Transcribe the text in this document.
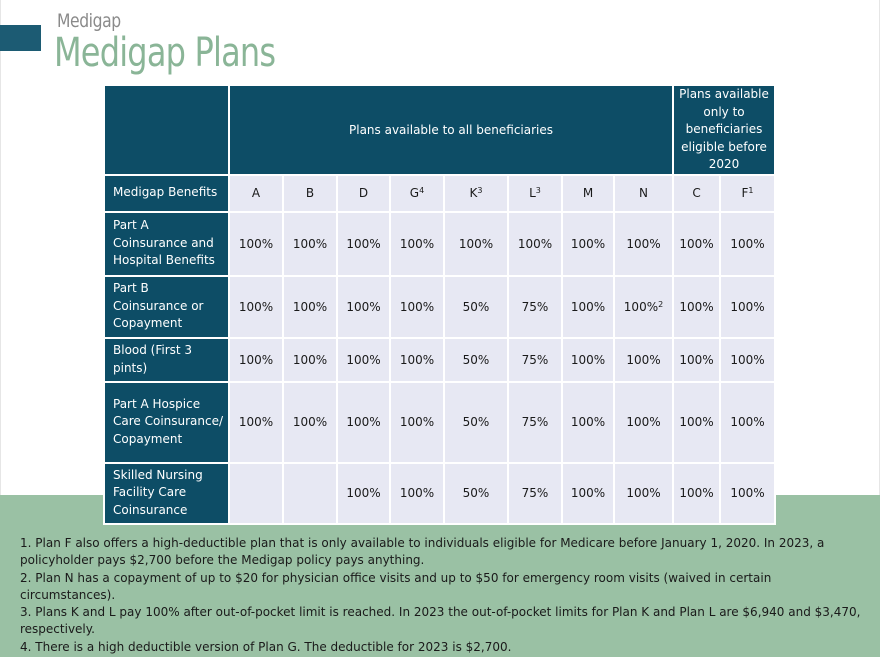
Medigap
Medigap Plans
	Plans available to all beneficiaries								Plans available only to beneficiaries eligible before 2020	
Medigap Benefits	A	B	D	$G^4$	$K^3$	$L^3$	M	N	C	$F^1$
Part A Coinsurance and Hospital Benefits	100%	100%	100%	100%	100%	100%	100%	100%	100%	100%
Part B Coinsurance or Copayment	100%	100%	100%	100%	50%	75%	100%	100%$^2$	100%	100%
Blood (First 3 pints)	100%	100%	100%	100%	50%	75%	100%	100%	100%	100%
Part A Hospice Care Coinsurance/ Copayment	100%	100%	100%	100%	50%	75%	100%	100%	100%	100%
Skilled Nursing Facility Care Coinsurance			100%	100%	50%	75%	100%	100%	100%	100%

1. Plan F also offers a high-deductible plan that is only available to individuals eligible for Medicare before January 1, 2020. In 2023, a policyholder pays $2,700 before the Medigap policy pays anything.

2. Plan N has a copayment of up to $20 for physician office visits and up to $50 for emergency room visits (waived in certain circumstances).

3. Plans K and L pay 100% after out-of-pocket limit is reached. In 2023 the out-of-pocket limits for Plan K and Plan L are $6,940 and $3,470, respectively.

4. There is a high deductible version of Plan G. The deductible for 2023 is $2,700.
